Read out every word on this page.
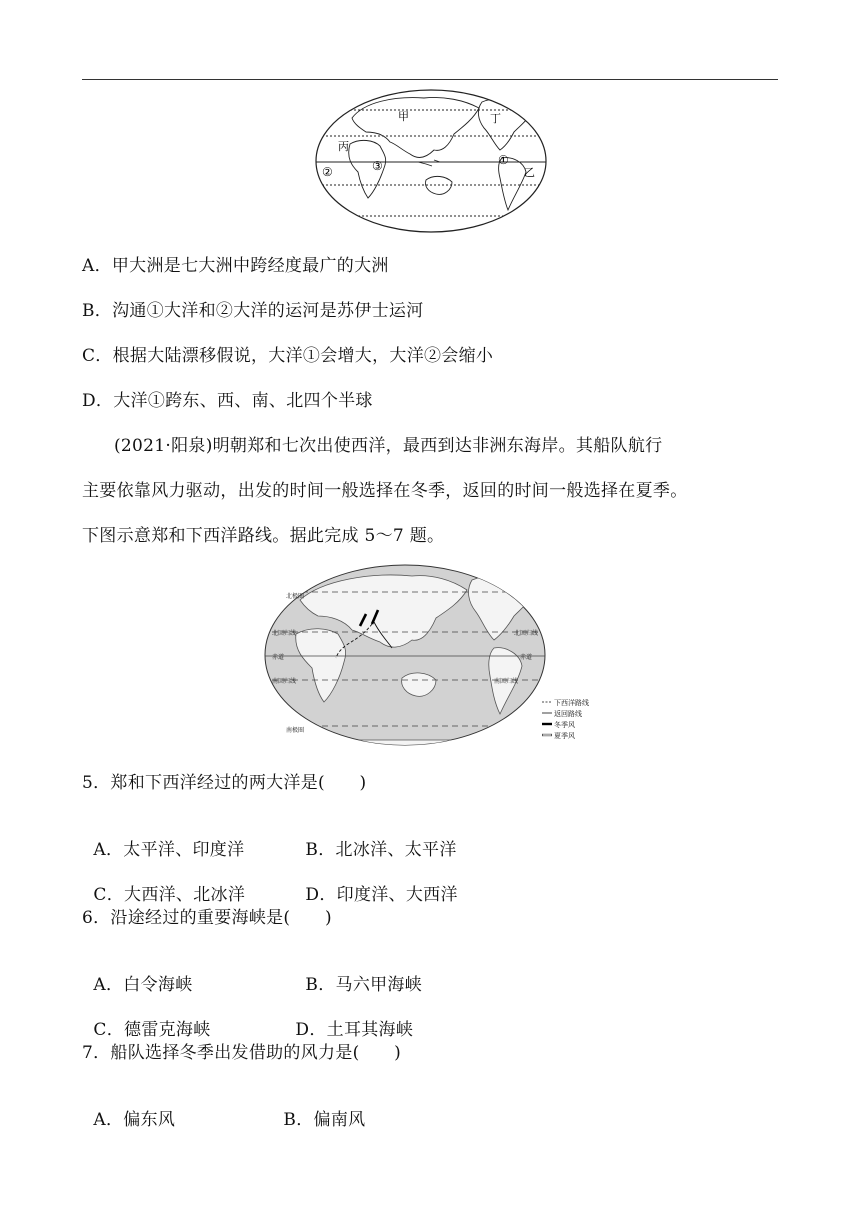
甲
丙
丁
乙
①
②	③
A．甲大洲是七大洲中跨经度最广的大洲
B．沟通①大洋和②大洋的运河是苏伊士运河
C．根据大陆漂移假说，大洋①会增大，大洋②会缩小
D．大洋①跨东、西、南、北四个半球
(2021·阳泉)明朝郑和七次出使西洋，最西到达非洲东海岸。其船队航行
主要依靠风力驱动，出发的时间一般选择在冬季，返回的时间一般选择在夏季。
下图示意郑和下西洋路线。据此完成 5～7 题。
北回归线
赤道
南回归线
北回归线
赤道
南回归线
北极圈
南极圈
下西洋路线
返回路线
冬季风
夏季风
5．郑和下西洋经过的两大洋是(　　)

A．太平洋、印度洋	B．北冰洋、太平洋

C．大西洋、北冰洋	D．印度洋、大西洋

6．沿途经过的重要海峡是(　　)

A．白令海峡	B．马六甲海峡

C．德雷克海峡	D．土耳其海峡

7．船队选择冬季出发借助的风力是(　　)

A．偏东风	B．偏南风
